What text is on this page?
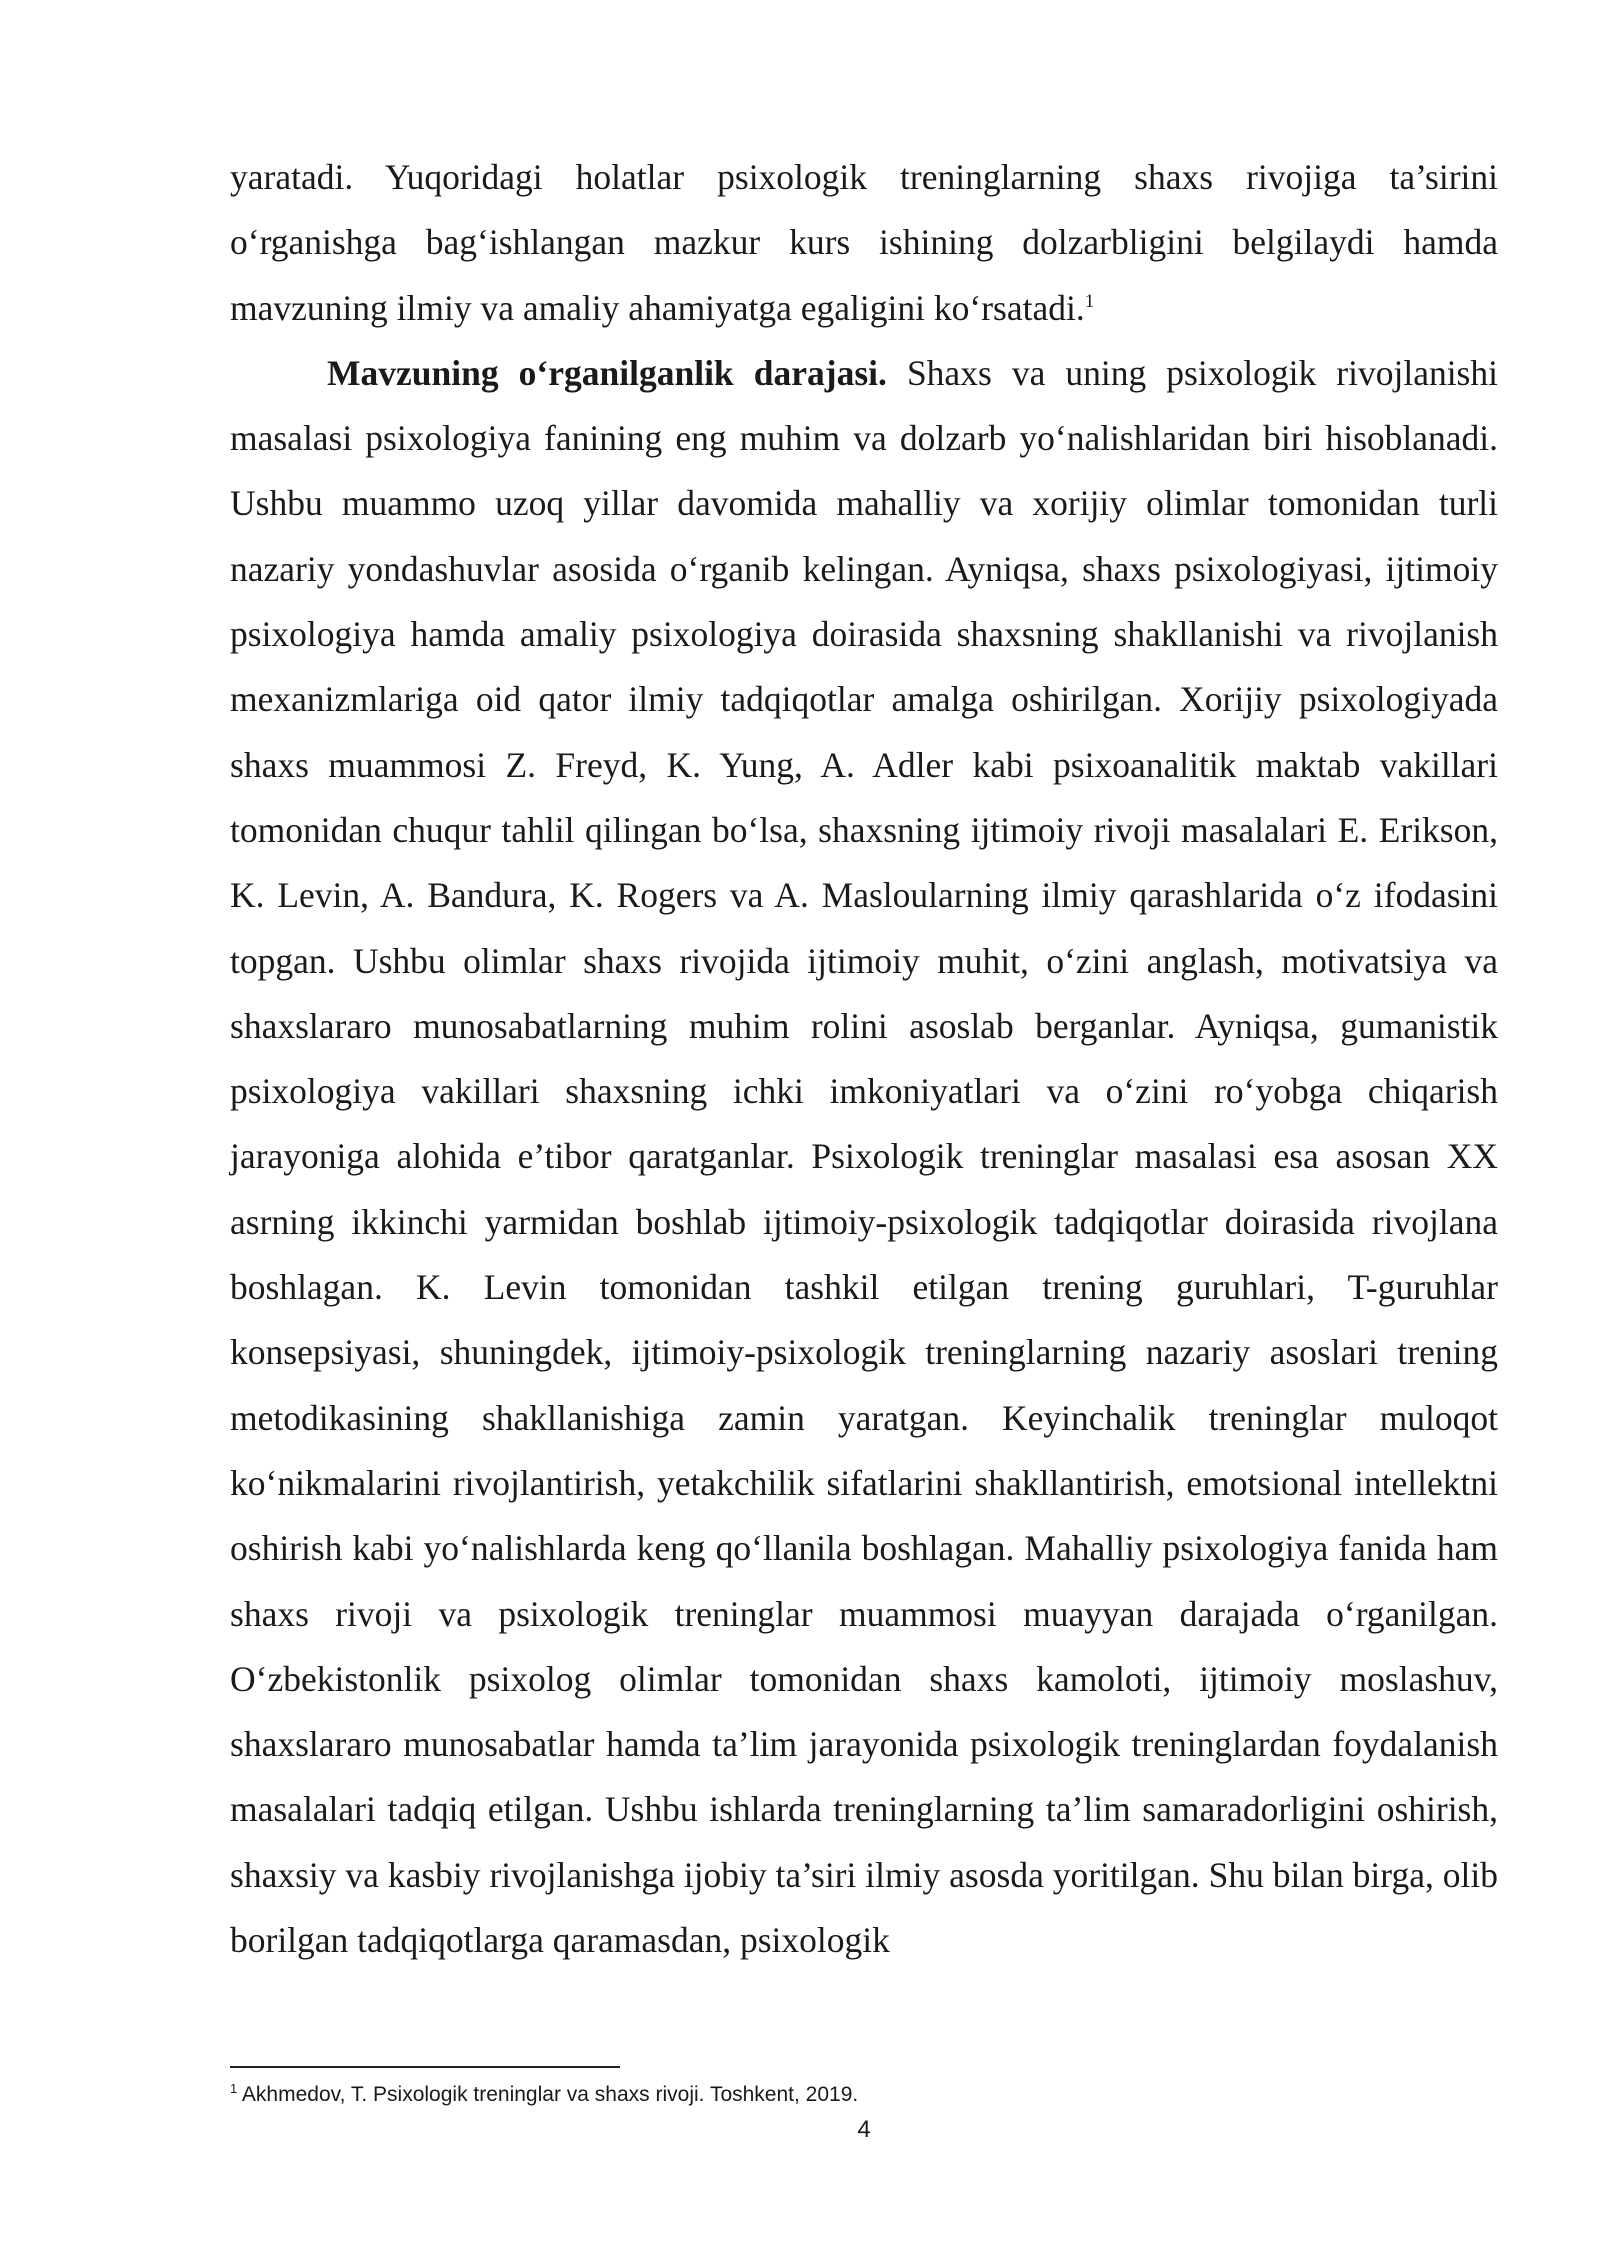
yaratadi. Yuqoridagi holatlar psixologik treninglarning shaxs rivojiga ta’sirini o‘rganishga bag‘ishlangan mazkur kurs ishining dolzarbligini belgilaydi hamda mavzuning ilmiy va amaliy ahamiyatga egaligini ko‘rsatadi.$^1$

Mavzuning o‘rganilganlik darajasi. Shaxs va uning psixologik rivojlanishi masalasi psixologiya fanining eng muhim va dolzarb yo‘nalishlaridan biri hisoblanadi. Ushbu muammo uzoq yillar davomida mahalliy va xorijiy olimlar tomonidan turli nazariy yondashuvlar asosida o‘rganib kelingan. Ayniqsa, shaxs psixologiyasi, ijtimoiy psixologiya hamda amaliy psixologiya doirasida shaxsning shakllanishi va rivojlanish mexanizmlariga oid qator ilmiy tadqiqotlar amalga oshirilgan. Xorijiy psixologiyada shaxs muammosi Z. Freyd, K. Yung, A. Adler kabi psixoanalitik maktab vakillari tomonidan chuqur tahlil qilingan bo‘lsa, shaxsning ijtimoiy rivoji masalalari E. Erikson, K. Levin, A. Bandura, K. Rogers va A. Masloularning ilmiy qarashlarida o‘z ifodasini topgan. Ushbu olimlar shaxs rivojida ijtimoiy muhit, o‘zini anglash, motivatsiya va shaxslararo munosabatlarning muhim rolini asoslab berganlar. Ayniqsa, gumanistik psixologiya vakillari shaxsning ichki imkoniyatlari va o‘zini ro‘yobga chiqarish jarayoniga alohida e’tibor qaratganlar. Psixologik treninglar masalasi esa asosan XX asrning ikkinchi yarmidan boshlab ijtimoiy-psixologik tadqiqotlar doirasida rivojlana boshlagan. K. Levin tomonidan tashkil etilgan trening guruhlari, T-guruhlar konsepsiyasi, shuningdek, ijtimoiy-psixologik treninglarning nazariy asoslari trening metodikasining shakllanishiga zamin yaratgan. Keyinchalik treninglar muloqot ko‘nikmalarini rivojlantirish, yetakchilik sifatlarini shakllantirish, emotsional intellektni oshirish kabi yo‘nalishlarda keng qo‘llanila boshlagan. Mahalliy psixologiya fanida ham shaxs rivoji va psixologik treninglar muammosi muayyan darajada o‘rganilgan. O‘zbekistonlik psixolog olimlar tomonidan shaxs kamoloti, ijtimoiy moslashuv, shaxslararo munosabatlar hamda ta’lim jarayonida psixologik treninglardan foydalanish masalalari tadqiq etilgan. Ushbu ishlarda treninglarning ta’lim samaradorligini oshirish, shaxsiy va kasbiy rivojlanishga ijobiy ta’siri ilmiy asosda yoritilgan. Shu bilan birga, olib borilgan tadqiqotlarga qaramasdan, psixologik

$^1$ Akhmedov, T. Psixologik treninglar va shaxs rivoji. Toshkent, 2019.
4
